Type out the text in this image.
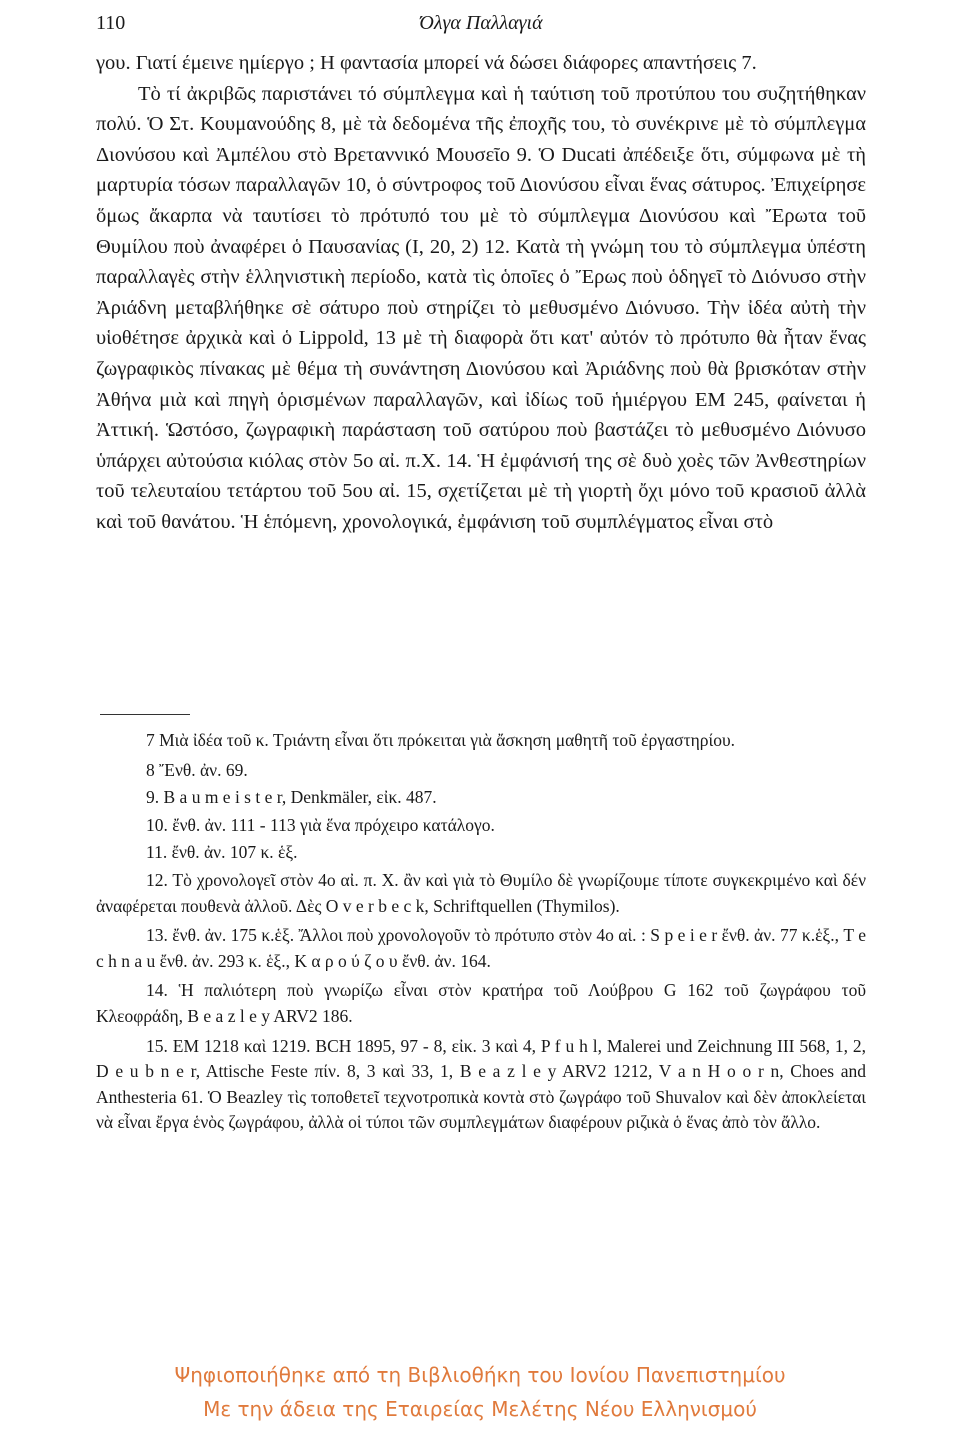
110	Όλγα Παλλαγιά

γου. Γιατί έμεινε ημίεργο ; Η φαντασία μπορεί νά δώσει διάφορες απαντήσεις 7.

Τὸ τί ἀκριβῶς παριστάνει τό σύμπλεγμα καὶ ἡ ταύτιση τοῦ προτύπου του συζητήθηκαν πολύ. Ὁ Στ. Κουμανούδης 8, μὲ τὰ δεδομένα τῆς ἐποχῆς του, τὸ συνέκρινε μὲ τὸ σύμπλεγμα Διονύσου καὶ Ἀμπέλου στὸ Βρεταννικό Μουσεῖο 9. Ὁ Ducati ἀπέδειξε ὅτι, σύμφωνα μὲ τὴ μαρτυρία τόσων παραλλαγῶν 10, ὁ σύντροφος τοῦ Διονύσου εἶναι ἕνας σάτυρος. Ἐπιχείρησε ὅμως ἄκαρπα νὰ ταυτίσει τὸ πρότυπό του μὲ τὸ σύμπλεγμα Διονύσου καὶ Ἔρωτα τοῦ Θυμίλου ποὺ ἀναφέρει ὁ Παυσανίας (I, 20, 2) 12. Κατὰ τὴ γνώμη του τὸ σύμπλεγμα ὑπέστη παραλλαγὲς στὴν ἑλληνιστικὴ περίοδο, κατὰ τὶς ὁποῖες ὁ Ἔρως ποὺ ὁδηγεῖ τὸ Διόνυσο στὴν Ἀριάδνη μεταβλήθηκε σὲ σάτυρο ποὺ στηρίζει τὸ μεθυσμένο Διόνυσο. Τὴν ἰδέα αὐτὴ τὴν υἱοθέτησε ἀρχικὰ καὶ ὁ Lippold, 13 μὲ τὴ διαφορὰ ὅτι κατ' αὐτόν τὸ πρότυπο θὰ ἦταν ἕνας ζωγραφικὸς πίνακας μὲ θέμα τὴ συνάντηση Διονύσου καὶ Ἀριάδνης ποὺ θὰ βρισκόταν στὴν Ἀθήνα μιὰ καὶ πηγὴ ὁρισμένων παραλλαγῶν, καὶ ἰδίως τοῦ ἡμιέργου ΕΜ 245, φαίνεται ἡ Ἀττική. Ὡστόσο, ζωγραφικὴ παράσταση τοῦ σατύρου ποὺ βαστάζει τὸ μεθυσμένο Διόνυσο ὑπάρχει αὐτούσια κιόλας στὸν 5ο αἰ. π.Χ. 14. Ἡ ἐμφάνισή της σὲ δυὸ χοὲς τῶν Ἀνθεστηρίων τοῦ τελευταίου τετάρτου τοῦ 5ου αἰ. 15, σχετίζεται μὲ τὴ γιορτὴ ὄχι μόνο τοῦ κρασιοῦ ἀλλὰ καὶ τοῦ θανάτου. Ἡ ἑπόμενη, χρονολογικά, ἐμφάνιση τοῦ συμπλέγματος εἶναι στὸ

7 Μιὰ ἰδέα τοῦ κ. Τριάντη εἶναι ὅτι πρόκειται γιὰ ἄσκηση μαθητῆ τοῦ ἐργαστηρίου.

8 Ἔνθ. ἀν. 69.

9. B a u m e i s t e r, Denkmäler, εἰκ. 487.

10. ἔνθ. ἀν. 111 - 113 γιὰ ἕνα πρόχειρο κατάλογο.

11. ἔνθ. ἀν. 107 κ. ἑξ.

12. Τὸ χρονολογεῖ στὸν 4ο αἰ. π. Χ. ἂν καὶ γιὰ τὸ Θυμίλο δὲ γνωρίζουμε τίποτε συγκεκριμένο καὶ δέν ἀναφέρεται πουθενὰ ἀλλοῦ. Δὲς O v e r b e c k, Schriftquellen (Thymilos).

13. ἔνθ. ἀν. 175 κ.ἑξ. Ἄλλοι ποὺ χρονολογοῦν τὸ πρότυπο στὸν 4ο αἰ. : S p e i e r ἔνθ. ἀν. 77 κ.ἑξ., T e c h n a u ἔνθ. ἀν. 293 κ. ἑξ., Κ α ρ ο ύ ζ ο υ ἔνθ. ἀν. 164.

14. Ἡ παλιότερη ποὺ γνωρίζω εἶναι στὸν κρατήρα τοῦ Λούβρου G 162 τοῦ ζωγράφου τοῦ Κλεοφράδη, B e a z l e y ARV2 186.

15. EM 1218 καὶ 1219. BCH 1895, 97 - 8, εἰκ. 3 καὶ 4, P f u h l, Malerei und Zeichnung III 568, 1, 2, D e u b n e r, Attische Feste πίν. 8, 3 καὶ 33, 1, B e a z l e y ARV2 1212, V a n H o o r n, Choes and Anthesteria 61. Ὁ Beazley τὶς τοποθετεῖ τεχνοτροπικὰ κοντὰ στὸ ζωγράφο τοῦ Shuvalov καὶ δὲν ἀποκλείεται νὰ εἶναι ἔργα ἑνὸς ζωγράφου, ἀλλὰ οἱ τύποι τῶν συμπλεγμάτων διαφέρουν ριζικὰ ὁ ἕνας ἀπὸ τὸν ἄλλο.

Ψηφιοποιήθηκε από τη Βιβλιοθήκη του Ιονίου Πανεπιστημίου
Με την άδεια της Εταιρείας Μελέτης Νέου Ελληνισμού
